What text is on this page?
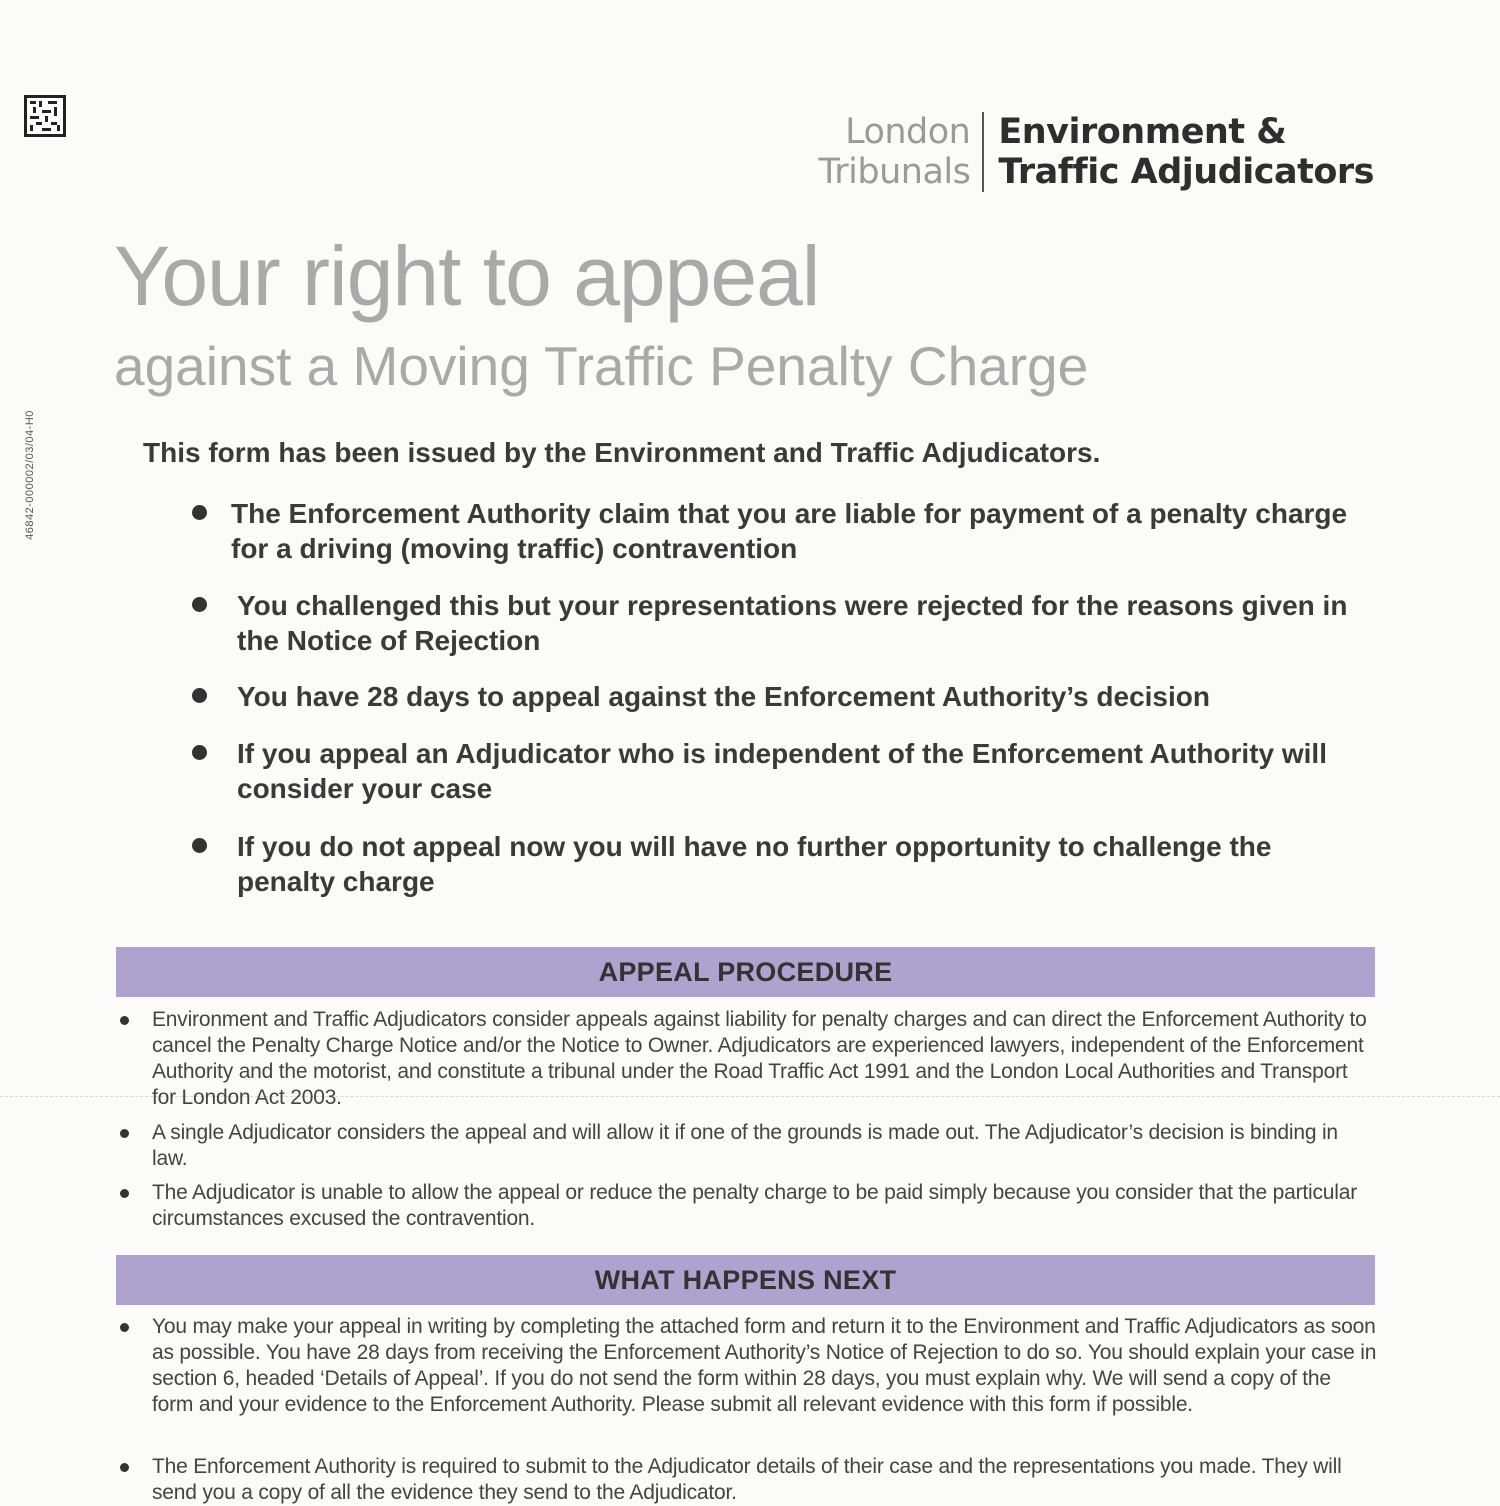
46842-000002/03/04-H0
London
Tribunals
Environment &
Traffic Adjudicators
Your right to appeal
against a Moving Traffic Penalty Charge

This form has been issued by the Environment and Traffic Adjudicators.

The Enforcement Authority claim that you are liable for payment of a penalty charge for a driving (moving traffic) contravention
You challenged this but your representations were rejected for the reasons given in the Notice of Rejection
You have 28 days to appeal against the Enforcement Authority’s decision
If you appeal an Adjudicator who is independent of the Enforcement Authority will consider your case
If you do not appeal now you will have no further opportunity to challenge the penalty charge
APPEAL PROCEDURE
Environment and Traffic Adjudicators consider appeals against liability for penalty charges and can direct the Enforcement Authority to cancel the Penalty Charge Notice and/or the Notice to Owner. Adjudicators are experienced lawyers, independent of the Enforcement Authority and the motorist, and constitute a tribunal under the Road Traffic Act 1991 and the London Local Authorities and Transport for London Act 2003.
A single Adjudicator considers the appeal and will allow it if one of the grounds is made out. The Adjudicator’s decision is binding in law.
The Adjudicator is unable to allow the appeal or reduce the penalty charge to be paid simply because you consider that the particular circumstances excused the contravention.
WHAT HAPPENS NEXT
You may make your appeal in writing by completing the attached form and return it to the Environment and Traffic Adjudicators as soon as possible. You have 28 days from receiving the Enforcement Authority’s Notice of Rejection to do so. You should explain your case in section 6, headed ‘Details of Appeal’. If you do not send the form within 28 days, you must explain why. We will send a copy of the form and your evidence to the Enforcement Authority. Please submit all relevant evidence with this form if possible.
The Enforcement Authority is required to submit to the Adjudicator details of their case and the representations you made. They will send you a copy of all the evidence they send to the Adjudicator.
